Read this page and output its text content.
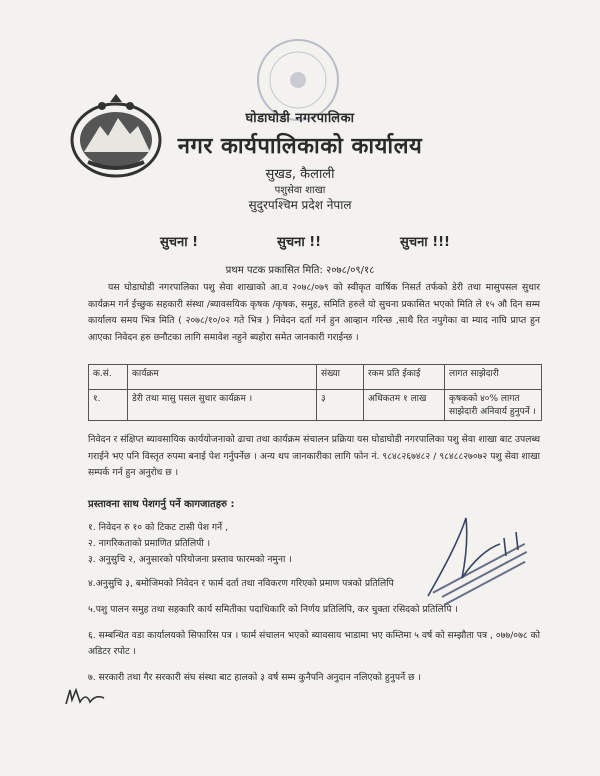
घोडाघोडी नगरपालिका
नगर कार्यपालिकाको कार्यालय
सुखड, कैलाली
पशुसेवा शाखा
सुदुरपश्चिम प्रदेश नेपाल
सुचना !	सुचना !!	सुचना !!!
प्रथम पटक प्रकासित मिति: २०७८/०९/१८
यस घोडाघोडी नगरपालिका पशु सेवा शाखाको आ.व २०७८/०७९ को स्वीकृत वार्षिक निसर्त तर्फको डेरी तथा मासुपसल सुधार कार्यक्रम गर्न ईच्छुक सहकारी संस्था /ब्यावसयिक कृषक /कृषक, समुह, समिति हरुले यो सुचना प्रकासित भएको मिति ले १५ औ दिन सम्म कार्यालय समय भित्र मिति ( २०७८/१०/०२ गते भित्र ) निवेदन दर्ता गर्न हुन आव्हान गरिन्छ ,साथै रित नपुगेका वा म्याद नाघि प्राप्त हुन आएका निवेदन हरु छनौटका लागि समावेश नहुने ब्यहोरा समेत जानकारी गराईन्छ ।
क.सं.	कार्यक्रम	संख्या	रकम प्रति ईकाई	लागत साझेदारी
१.	डेरी तथा मासु पसल सुधार कार्यक्रम ।	३	अधिकतम १ लाख	कृषकको ४०% लागत साझेदारी अनिवार्य हुनुपर्ने ।
निवेदन र संक्षिप्त ब्यावसायिक कार्ययोजनाको ढाचा तथा कार्यक्रम संचालन प्रक्रिया यस घोडाघोडी नगरपालिका पशु सेवा शाखा बाट उपलब्ध गराईने भए पनि विस्तृत रुपमा बनाई पेश गर्नुपर्नेछ । अन्य थप जानकारीका लागि फोन नं. ९८४८२६७४८२ / ९८४८८२७०७२ पशु सेवा शाखा सम्पर्क गर्न हुन अनुरोध छ ।
प्रस्तावना साथ पेशगर्नु पर्ने कागजातहरु :
१. निवेदन रु १० को टिकट टासी पेश गर्ने ,
२. नागरिकताको प्रमाणित प्रतिलिपी ।
३. अनुसुचि २, अनुसारको परियोजना प्रस्ताव फारमको नमुना ।
४.अनुसुचि ३, बमोजिमको निवेदन र फार्म दर्ता तथा नविकरण गरिएको प्रमाण पत्रको प्रतिलिपि
५.पशु पालन समुह तथा सहकारि कार्य समितीका पदाधिकारि को निर्णय प्रतिलिपि, कर चुक्ता रसिदको प्रतिलिपि ।
६. सम्बन्धित वडा कार्यालयको सिफारिस पत्र । फार्म संचालन भएको ब्यावसाय भाडामा भए कम्तिमा ५ वर्ष को सम्झौता पत्र , ०७७/०७८ को अडिटर रपोट ।
७. सरकारी तथा गैर सरकारी संघ संस्था बाट हालको ३ वर्ष सम्म कुनैपनि अनुदान नलिएको हुनुपर्ने छ ।
